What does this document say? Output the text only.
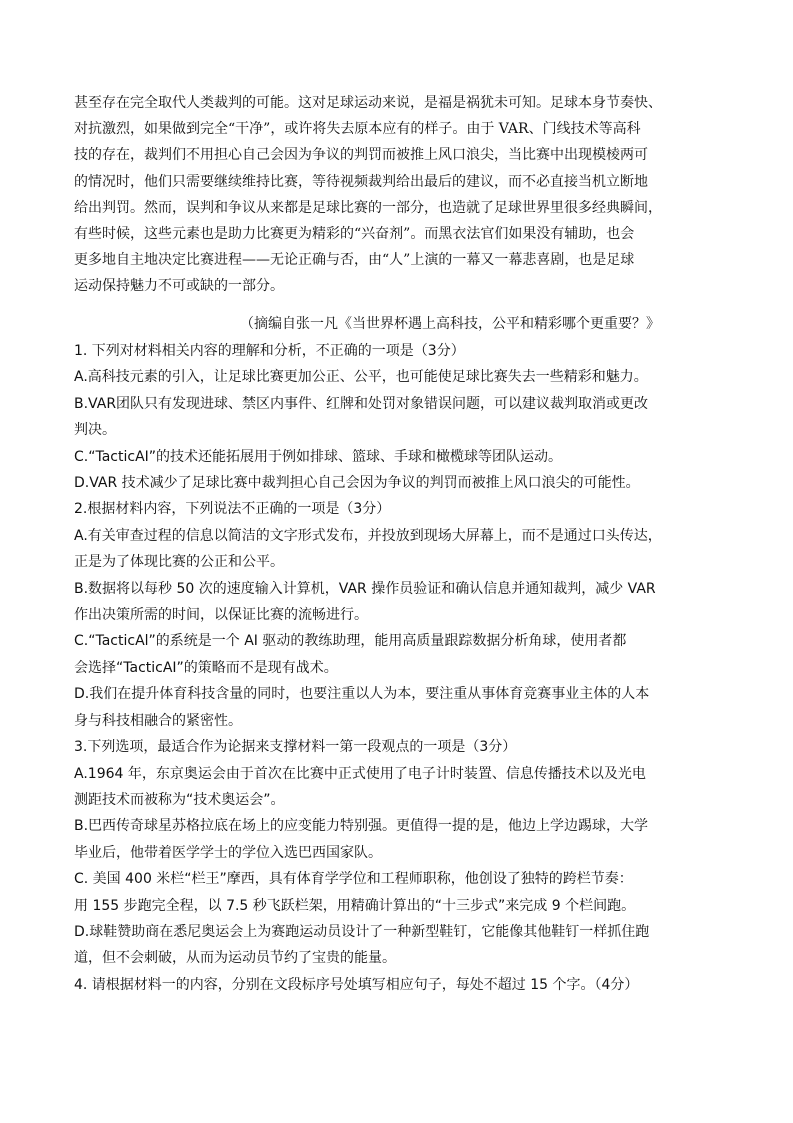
甚至存在完全取代人类裁判的可能。这对足球运动来说，是福是祸犹未可知。足球本身节奏快、
对抗激烈，如果做到完全“干净”，或许将失去原本应有的样子。由于 VAR、门线技术等高科
技的存在，裁判们不用担心自己会因为争议的判罚而被推上风口浪尖，当比赛中出现模棱两可
的情况时，他们只需要继续维持比赛，等待视频裁判给出最后的建议，而不必直接当机立断地
给出判罚。然而，误判和争议从来都是足球比赛的一部分，也造就了足球世界里很多经典瞬间，
有些时候，这些元素也是助力比赛更为精彩的“兴奋剂”。而黑衣法官们如果没有辅助，也会
更多地自主地决定比赛进程——无论正确与否，由“人”上演的一幕又一幕悲喜剧，也是足球
运动保持魅力不可或缺的一部分。
（摘编自张一凡《当世界杯遇上高科技，公平和精彩哪个更重要？》
1. 下列对材料相关内容的理解和分析，不正确的一项是（3分）
A.高科技元素的引入，让足球比赛更加公正、公平，也可能使足球比赛失去一些精彩和魅力。
B.VAR团队只有发现进球、禁区内事件、红牌和处罚对象错误问题，可以建议裁判取消或更改
判决。
C.“TacticAI”的技术还能拓展用于例如排球、篮球、手球和橄榄球等团队运动。
D.VAR 技术减少了足球比赛中裁判担心自己会因为争议的判罚而被推上风口浪尖的可能性。
2.根据材料内容，下列说法不正确的一项是（3分）
A.有关审查过程的信息以简洁的文字形式发布，并投放到现场大屏幕上，而不是通过口头传达，
正是为了体现比赛的公正和公平。
B.数据将以每秒 50 次的速度输入计算机，VAR 操作员验证和确认信息并通知裁判，减少 VAR
作出决策所需的时间，以保证比赛的流畅进行。
C.“TacticAl”的系统是一个 AI 驱动的教练助理，能用高质量跟踪数据分析角球，使用者都
会选择“TacticAI”的策略而不是现有战术。
D.我们在提升体育科技含量的同时，也要注重以人为本，要注重从事体育竞赛事业主体的人本
身与科技相融合的紧密性。
3.下列选项，最适合作为论据来支撑材料一第一段观点的一项是（3分）
A.1964 年，东京奥运会由于首次在比赛中正式使用了电子计时装置、信息传播技术以及光电
测距技术而被称为“技术奥运会”。
B.巴西传奇球星苏格拉底在场上的应变能力特别强。更值得一提的是，他边上学边踢球，大学
毕业后，他带着医学学士的学位入选巴西国家队。
C. 美国 400 米栏“栏王”摩西，具有体育学学位和工程师职称，他创设了独特的跨栏节奏：
用 155 步跑完全程，以 7.5 秒飞跃栏架，用精确计算出的“十三步式”来完成 9 个栏间跑。
D.球鞋赞助商在悉尼奥运会上为赛跑运动员设计了一种新型鞋钉，它能像其他鞋钉一样抓住跑
道，但不会刺破，从而为运动员节约了宝贵的能量。
4. 请根据材料一的内容，分别在文段标序号处填写相应句子，每处不超过 15 个字。（4分）
